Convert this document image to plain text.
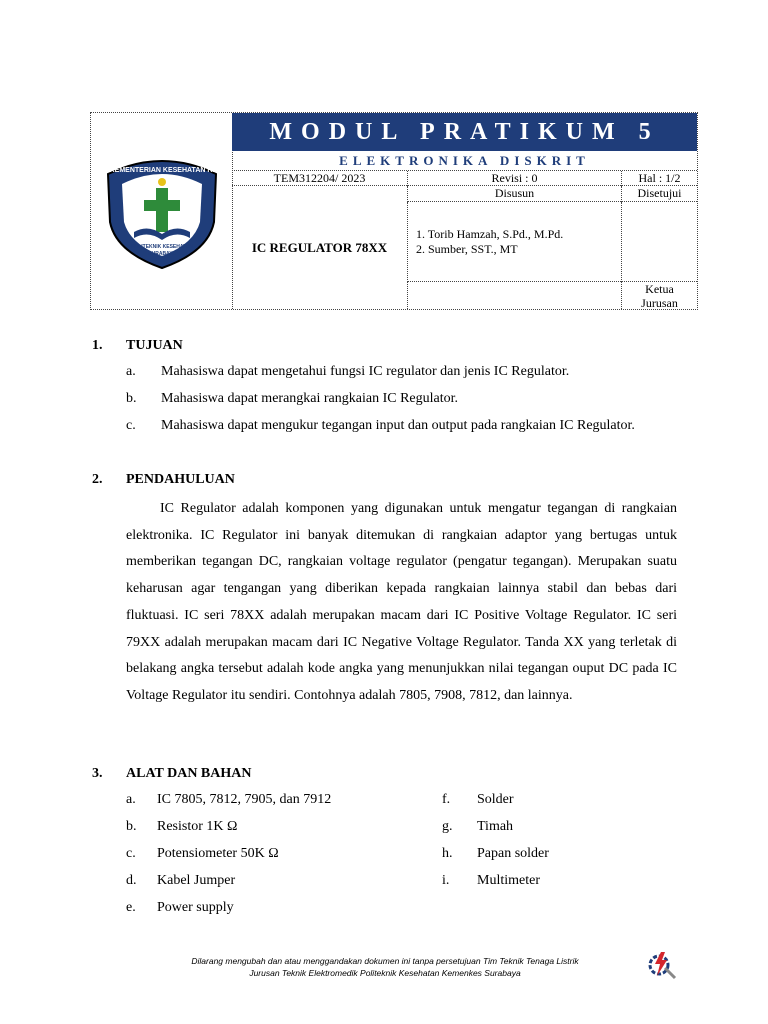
KEMENTERIAN KESEHATAN RI
POLITEKNIK KESEHATAN
SURABAYA
MODUL PRATIKUM 5
ELEKTRONIKA DISKRIT
TEM312204/ 2023	Revisi : 0	Hal : 1/2
IC REGULATOR 78XX
Disusun	Disetujui
1. Torib Hamzah, S.Pd., M.Pd.
2. Sumber, SST., MT
Ketua
Jurusan
1. TUJUAN
a. Mahasiswa dapat mengetahui fungsi IC regulator dan jenis IC Regulator.
b. Mahasiswa dapat merangkai rangkaian IC Regulator.
c. Mahasiswa dapat mengukur tegangan input dan output pada rangkaian IC Regulator.
2. PENDAHULUAN
IC Regulator adalah komponen yang digunakan untuk mengatur tegangan di rangkaian elektronika. IC Regulator ini banyak ditemukan di rangkaian adaptor yang bertugas untuk memberikan tegangan DC, rangkaian voltage regulator (pengatur tegangan). Merupakan suatu keharusan agar tengangan yang diberikan kepada rangkaian lainnya stabil dan bebas dari fluktuasi. IC seri 78XX adalah merupakan macam dari IC Positive Voltage Regulator. IC seri 79XX adalah merupakan macam dari IC Negative Voltage Regulator. Tanda XX yang terletak di belakang angka tersebut adalah kode angka yang menunjukkan nilai tegangan ouput DC pada IC Voltage Regulator itu sendiri. Contohnya adalah 7805, 7908, 7812, dan lainnya.
3. ALAT DAN BAHAN
a. IC 7805, 7812, 7905, dan 7912
b. Resistor 1K Ω
c. Potensiometer 50K Ω
d. Kabel Jumper
e. Power supply
f. Solder
g. Timah
h. Papan solder
i. Multimeter
Dilarang mengubah dan atau menggandakan dokumen ini tanpa persetujuan Tim Teknik Tenaga Listrik
Jurusan Teknik Elektromedik Politeknik Kesehatan Kemenkes Surabaya
